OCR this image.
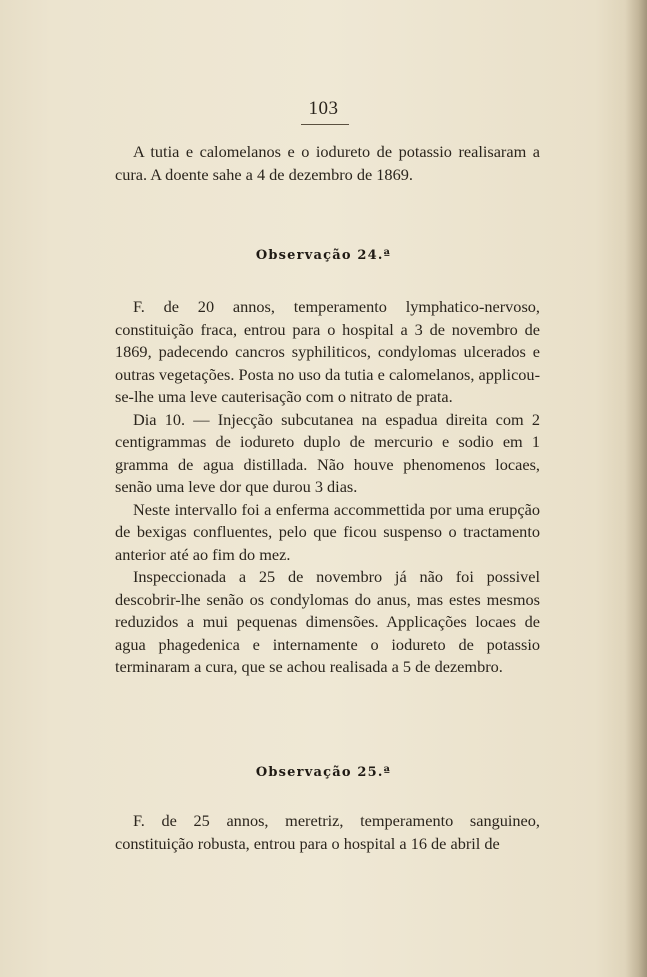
103

A tutia e calomelanos e o iodureto de potassio realisaram a cura. A doente sahe a 4 de dezembro de 1869.

Observação 24.ª

F. de 20 annos, temperamento lymphatico-nervoso, constituição fraca, entrou para o hospital a 3 de novembro de 1869, padecendo cancros syphiliticos, condylomas ulcerados e outras vegetações. Posta no uso da tutia e calomelanos, applicou-se-lhe uma leve cauterisação com o nitrato de prata.

Dia 10. — Injecção subcutanea na espadua direita com 2 centigrammas de iodureto duplo de mercurio e sodio em 1 gramma de agua distillada. Não houve phenomenos locaes, senão uma leve dor que durou 3 dias.

Neste intervallo foi a enferma accommettida por uma erupção de bexigas confluentes, pelo que ficou suspenso o tractamento anterior até ao fim do mez.

Inspeccionada a 25 de novembro já não foi possivel descobrir-lhe senão os condylomas do anus, mas estes mesmos reduzidos a mui pequenas dimensões. Applicações locaes de agua phagedenica e internamente o iodureto de potassio terminaram a cura, que se achou realisada a 5 de dezembro.

Observação 25.ª

F. de 25 annos, meretriz, temperamento sanguineo, constituição robusta, entrou para o hospital a 16 de abril de
